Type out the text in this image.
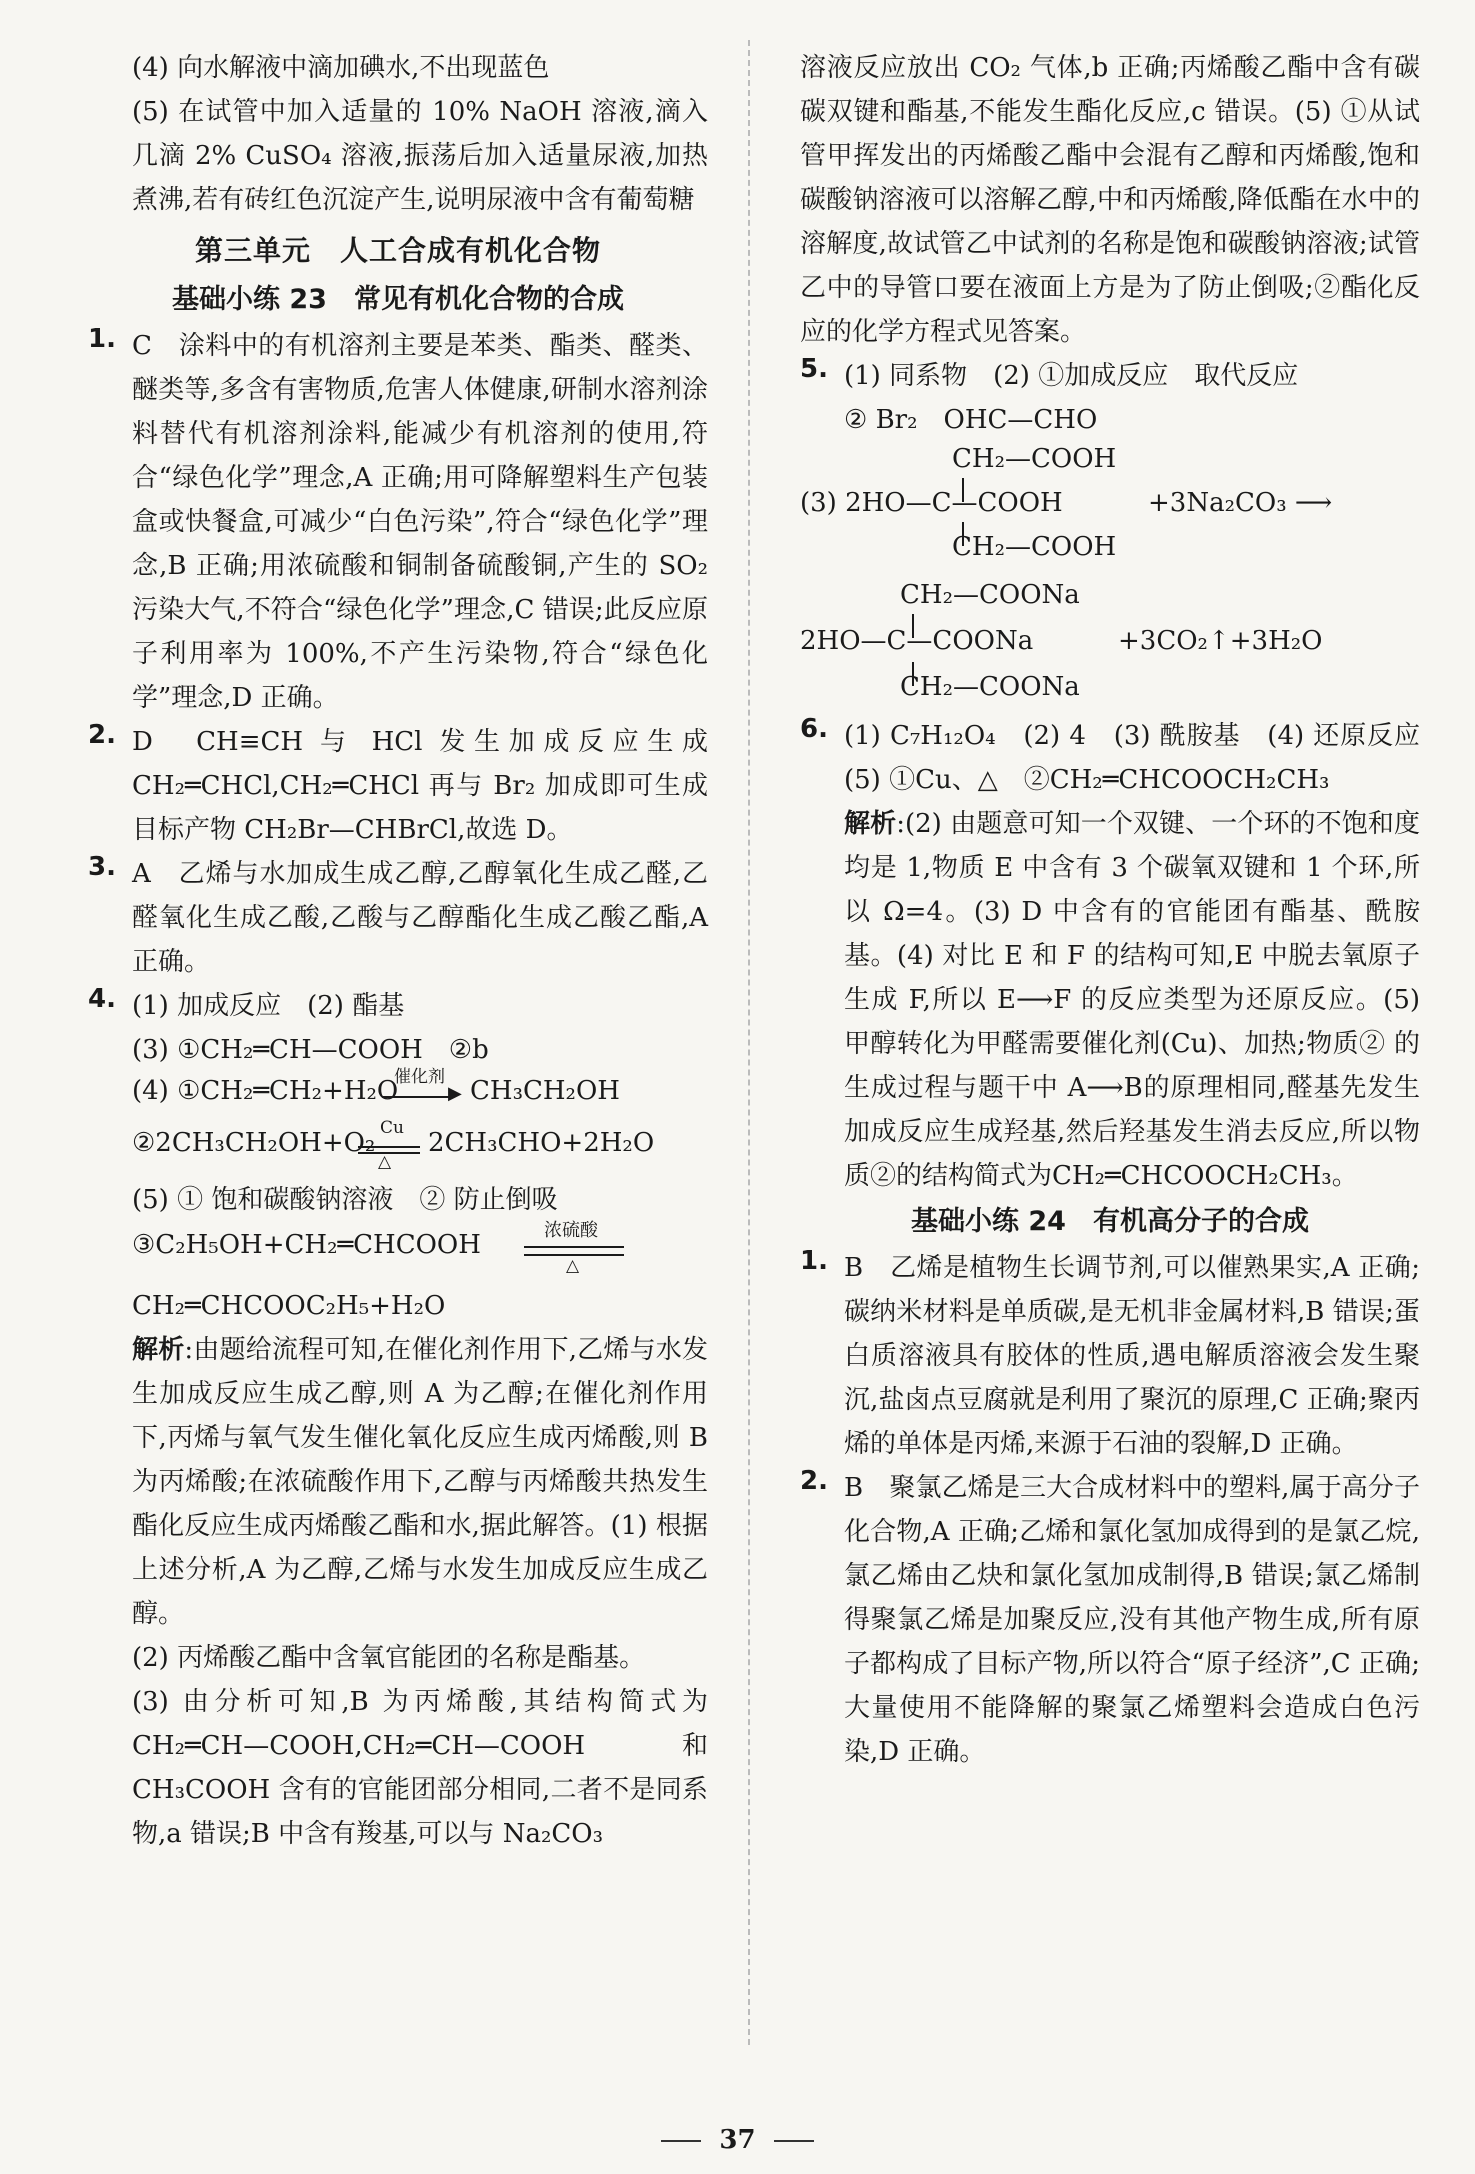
(4) 向水解液中滴加碘水,不出现蓝色

(5) 在试管中加入适量的 10% NaOH 溶液,滴入几滴 2% CuSO₄ 溶液,振荡后加入适量尿液,加热煮沸,若有砖红色沉淀产生,说明尿液中含有葡萄糖

第三单元　人工合成有机化合物

基础小练 23　常见有机化合物的合成

1. C　涂料中的有机溶剂主要是苯类、酯类、醛类、醚类等,多含有害物质,危害人体健康,研制水溶剂涂料替代有机溶剂涂料,能减少有机溶剂的使用,符合“绿色化学”理念,A 正确;用可降解塑料生产包装盒或快餐盒,可减少“白色污染”,符合“绿色化学”理念,B 正确;用浓硫酸和铜制备硫酸铜,产生的 SO₂ 污染大气,不符合“绿色化学”理念,C 错误;此反应原子利用率为 100%,不产生污染物,符合“绿色化学”理念,D 正确。

2. D　CH≡CH 与 HCl 发生加成反应生成 CH₂═CHCl,CH₂═CHCl 再与 Br₂ 加成即可生成目标产物 CH₂Br—CHBrCl,故选 D。

3. A　乙烯与水加成生成乙醇,乙醇氧化生成乙醛,乙醛氧化生成乙酸,乙酸与乙醇酯化生成乙酸乙酯,A 正确。

4. (1) 加成反应　(2) 酯基

(3) ①CH₂═CH—COOH　②b

(4) ①CH₂═CH₂+H₂O
催化剂
▶ CH₃CH₂OH
②2CH₃CH₂OH+O₂ Cu
△
2CH₃CHO+2H₂O

(5) ① 饱和碳酸钠溶液　② 防止倒吸

③C₂H₅OH+CH₂═CHCOOH	浓硫酸
△

CH₂═CHCOOC₂H₅+H₂O

解析:由题给流程可知,在催化剂作用下,乙烯与水发生加成反应生成乙醇,则 A 为乙醇;在催化剂作用下,丙烯与氧气发生催化氧化反应生成丙烯酸,则 B 为丙烯酸;在浓硫酸作用下,乙醇与丙烯酸共热发生酯化反应生成丙烯酸乙酯和水,据此解答。(1) 根据上述分析,A 为乙醇,乙烯与水发生加成反应生成乙醇。

(2) 丙烯酸乙酯中含氧官能团的名称是酯基。

(3) 由分析可知,B 为丙烯酸,其结构简式为 CH₂═CH—COOH,CH₂═CH—COOH 和 CH₃COOH 含有的官能团部分相同,二者不是同系物,a 错误;B 中含有羧基,可以与 Na₂CO₃

溶液反应放出 CO₂ 气体,b 正确;丙烯酸乙酯中含有碳碳双键和酯基,不能发生酯化反应,c 错误。(5) ①从试管甲挥发出的丙烯酸乙酯中会混有乙醇和丙烯酸,饱和碳酸钠溶液可以溶解乙醇,中和丙烯酸,降低酯在水中的溶解度,故试管乙中试剂的名称是饱和碳酸钠溶液;试管乙中的导管口要在液面上方是为了防止倒吸;②酯化反应的化学方程式见答案。

5. (1) 同系物　(2) ①加成反应　取代反应

② Br₂　OHC—CHO

CH₂—COOH
(3) 2HO—C—COOH	+3Na₂CO₃ ⟶
CH₂—COOH
CH₂—COONa
2HO—C—COONa	+3CO₂↑+3H₂O
CH₂—COONa
6. (1) C₇H₁₂O₄　(2) 4　(3) 酰胺基　(4) 还原反应　(5) ①Cu、△　②CH₂═CHCOOCH₂CH₃

解析:(2) 由题意可知一个双键、一个环的不饱和度均是 1,物质 E 中含有 3 个碳氧双键和 1 个环,所以 Ω=4。(3) D 中含有的官能团有酯基、酰胺基。(4) 对比 E 和 F 的结构可知,E 中脱去氧原子生成 F,所以 E⟶F 的反应类型为还原反应。(5) 甲醇转化为甲醛需要催化剂(Cu)、加热;物质② 的生成过程与题干中 A⟶B的原理相同,醛基先发生加成反应生成羟基,然后羟基发生消去反应,所以物质②的结构简式为CH₂═CHCOOCH₂CH₃。

基础小练 24　有机高分子的合成

1. B　乙烯是植物生长调节剂,可以催熟果实,A 正确;碳纳米材料是单质碳,是无机非金属材料,B 错误;蛋白质溶液具有胶体的性质,遇电解质溶液会发生聚沉,盐卤点豆腐就是利用了聚沉的原理,C 正确;聚丙烯的单体是丙烯,来源于石油的裂解,D 正确。

2. B　聚氯乙烯是三大合成材料中的塑料,属于高分子化合物,A 正确;乙烯和氯化氢加成得到的是氯乙烷,氯乙烯由乙炔和氯化氢加成制得,B 错误;氯乙烯制得聚氯乙烯是加聚反应,没有其他产物生成,所有原子都构成了目标产物,所以符合“原子经济”,C 正确;大量使用不能降解的聚氯乙烯塑料会造成白色污染,D 正确。

37
